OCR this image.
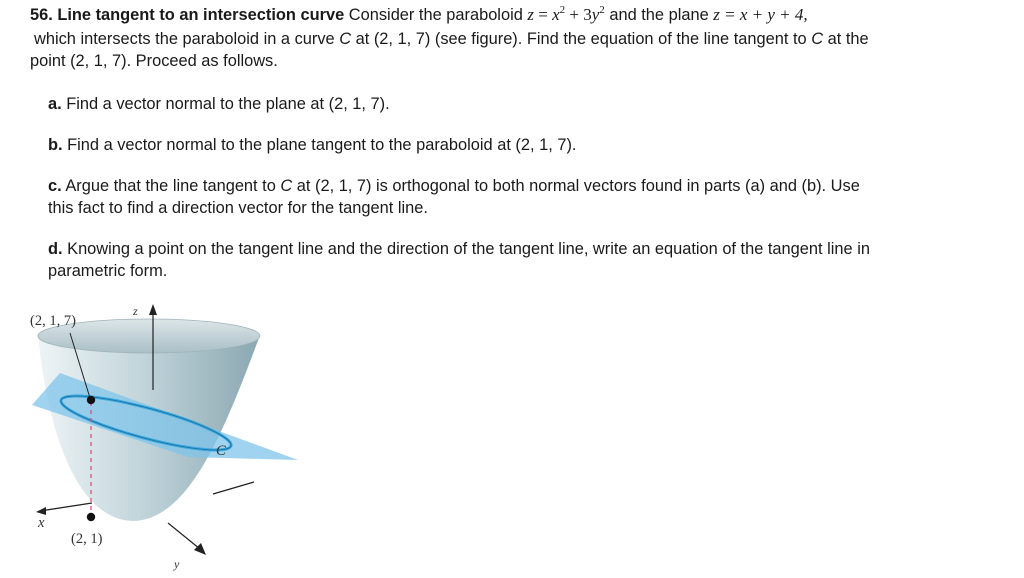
56. Line tangent to an intersection curve Consider the paraboloid $z = x^2 + 3y^2$ and the plane z = x + y + 4,

which intersects the paraboloid in a curve C at (2, 1, 7) (see figure). Find the equation of the line tangent to C at the

point (2, 1, 7). Proceed as follows.

a. Find a vector normal to the plane at (2, 1, 7).
b. Find a vector normal to the plane tangent to the paraboloid at (2, 1, 7).
c. Argue that the line tangent to C at (2, 1, 7) is orthogonal to both normal vectors found in parts (a) and (b). Use
this fact to find a direction vector for the tangent line.
d. Knowing a point on the tangent line and the direction of the tangent line, write an equation of the tangent line in
parametric form.
(2, 1, 7)
z
x
y
C
(2, 1)
